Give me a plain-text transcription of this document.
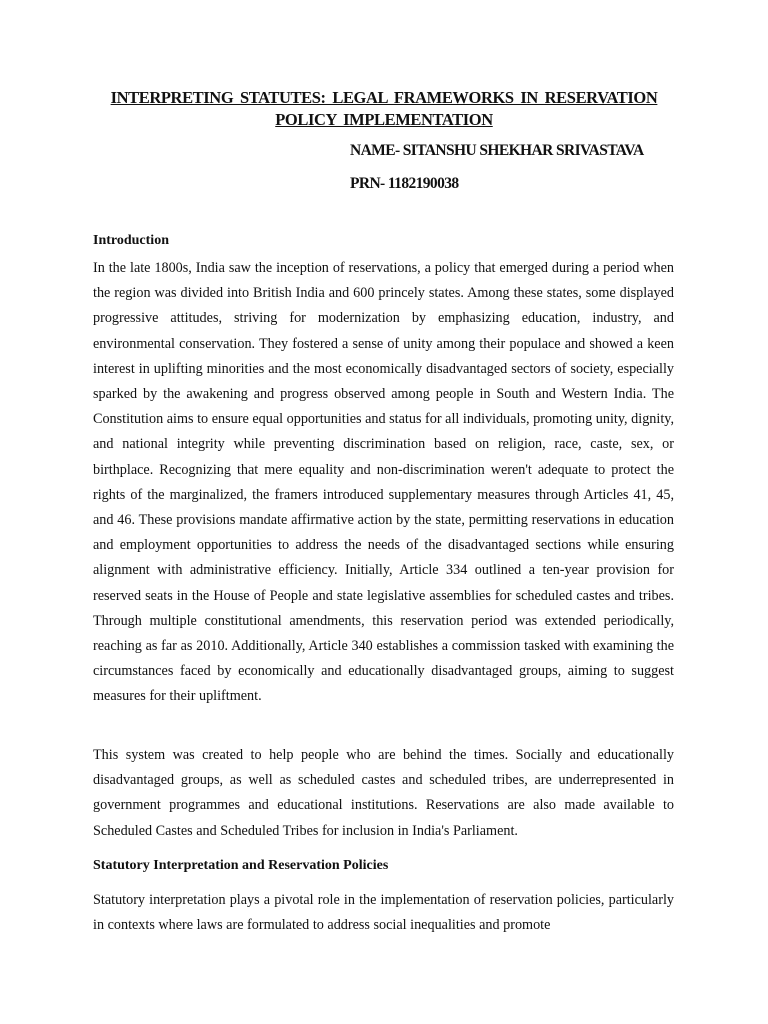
INTERPRETING STATUTES: LEGAL FRAMEWORKS IN RESERVATION
POLICY IMPLEMENTATION
NAME- SITANSHU SHEKHAR SRIVASTAVA
PRN- 1182190038
Introduction

In the late 1800s, India saw the inception of reservations, a policy that emerged during a period when the region was divided into British India and 600 princely states. Among these states, some displayed progressive attitudes, striving for modernization by emphasizing education, industry, and environmental conservation. They fostered a sense of unity among their populace and showed a keen interest in uplifting minorities and the most economically disadvantaged sectors of society, especially sparked by the awakening and progress observed among people in South and Western India. The Constitution aims to ensure equal opportunities and status for all individuals, promoting unity, dignity, and national integrity while preventing discrimination based on religion, race, caste, sex, or birthplace. Recognizing that mere equality and non-discrimination weren't adequate to protect the rights of the marginalized, the framers introduced supplementary measures through Articles 41, 45, and 46. These provisions mandate affirmative action by the state, permitting reservations in education and employment opportunities to address the needs of the disadvantaged sections while ensuring alignment with administrative efficiency. Initially, Article 334 outlined a ten-year provision for reserved seats in the House of People and state legislative assemblies for scheduled castes and tribes. Through multiple constitutional amendments, this reservation period was extended periodically, reaching as far as 2010. Additionally, Article 340 establishes a commission tasked with examining the circumstances faced by economically and educationally disadvantaged groups, aiming to suggest measures for their upliftment.

This system was created to help people who are behind the times. Socially and educationally disadvantaged groups, as well as scheduled castes and scheduled tribes, are underrepresented in government programmes and educational institutions. Reservations are also made available to Scheduled Castes and Scheduled Tribes for inclusion in India's Parliament.

Statutory Interpretation and Reservation Policies

Statutory interpretation plays a pivotal role in the implementation of reservation policies, particularly in contexts where laws are formulated to address social inequalities and promote
